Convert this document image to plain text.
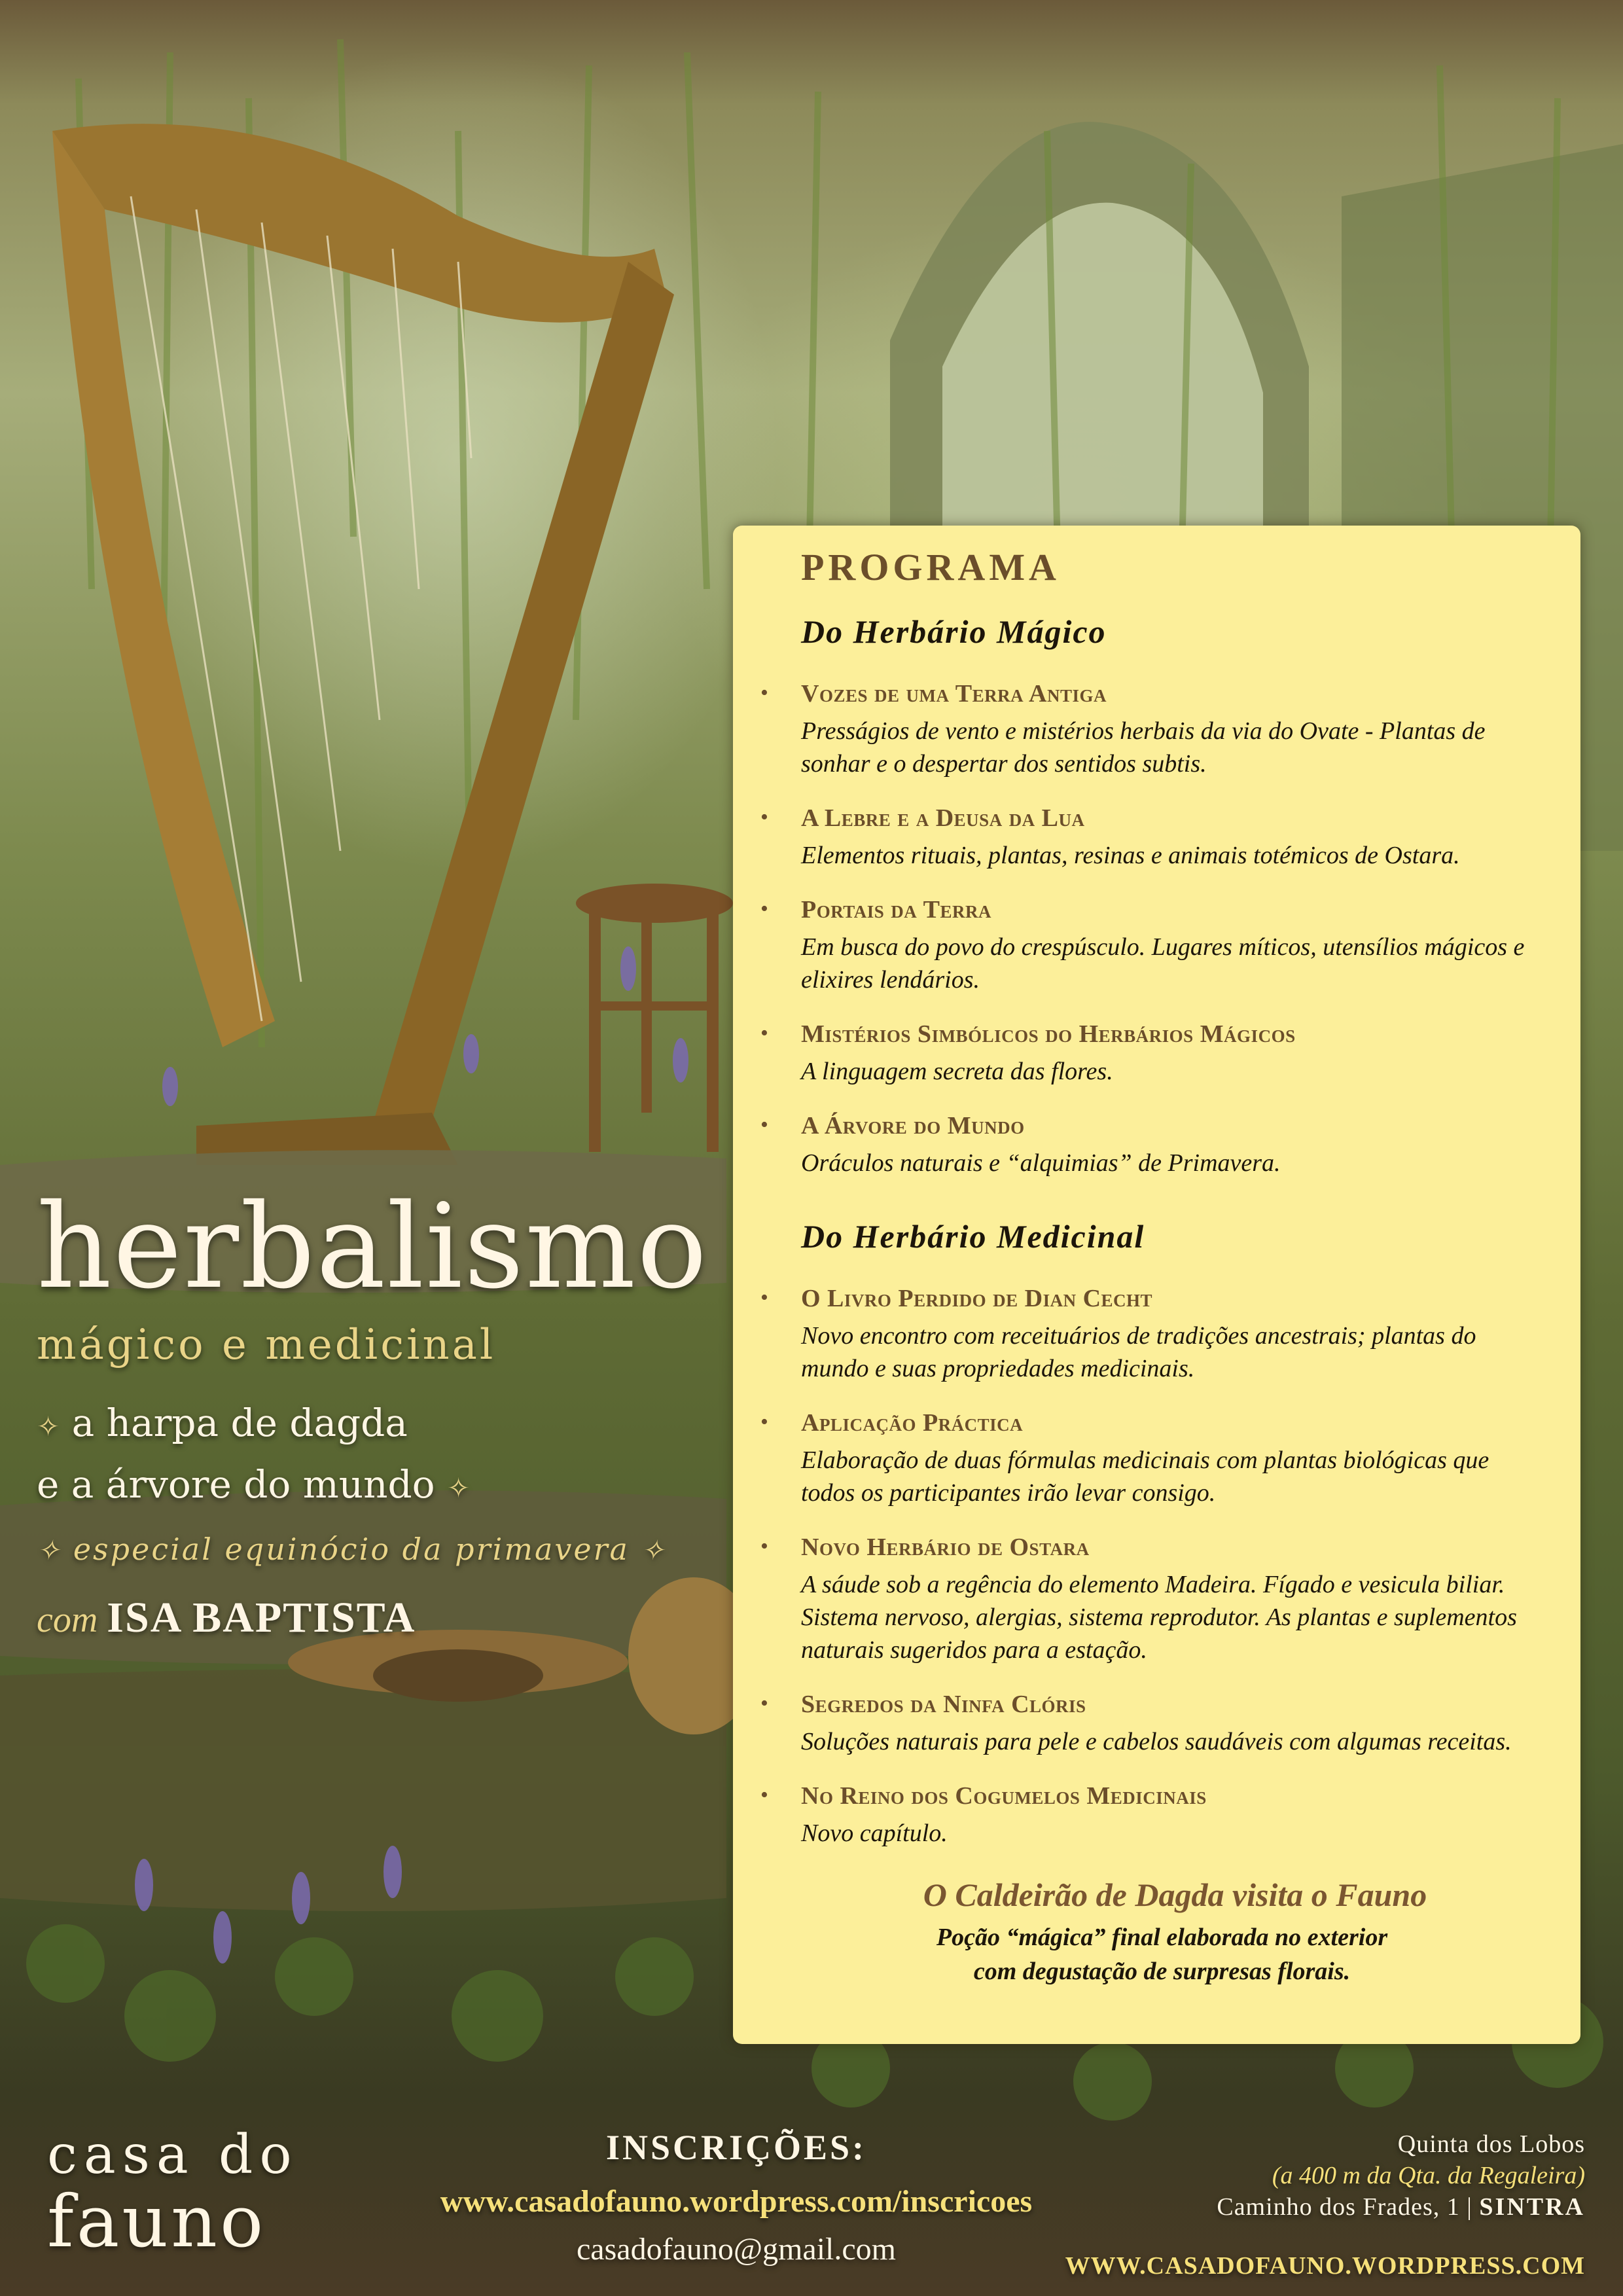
herbalismo
mágico e medicinal
✧ a harpa de dagda
e a árvore do mundo ✧
✧ especial equinócio da primavera ✧
com ISA BAPTISTA
PROGRAMA
Do Herbário Mágico
• Vozes de uma Terra Antiga
Presságios de vento e mistérios herbais da via do Ovate - Plantas de sonhar e o despertar dos sentidos subtis.
• A Lebre e a Deusa da Lua
Elementos rituais, plantas, resinas e animais totémicos de Ostara.
• Portais da Terra
Em busca do povo do crespúsculo. Lugares míticos, utensílios mágicos e elixires lendários.
• Mistérios Simbólicos do Herbários Mágicos
A linguagem secreta das flores.
• A Árvore do Mundo
Oráculos naturais e “alquimias” de Primavera.
Do Herbário Medicinal
• O Livro Perdido de Dian Cecht
Novo encontro com receituários de tradições ancestrais; plantas do mundo e suas propriedades medicinais.
• Aplicação Práctica
Elaboração de duas fórmulas medicinais com plantas biológicas que todos os participantes irão levar consigo.
• Novo Herbário de Ostara
A sáude sob a regência do elemento Madeira. Fígado e vesicula biliar. Sistema nervoso, alergias, sistema reprodutor. As plantas e suplementos naturais sugeridos para a estação.
• Segredos da Ninfa Clóris
Soluções naturais para pele e cabelos saudáveis com algumas receitas.
• No Reino dos Cogumelos Medicinais
Novo capítulo.
O Caldeirão de Dagda visita o Fauno
Poção “mágica” final elaborada no exterior
com degustação de surpresas florais.
casa do
fauno
INSCRIÇÕES:
www.casadofauno.wordpress.com/inscricoes
casadofauno@gmail.com
Quinta dos Lobos
(a 400 m da Qta. da Regaleira)
Caminho dos Frades, 1 | SINTRA
WWW.CASADOFAUNO.WORDPRESS.COM
